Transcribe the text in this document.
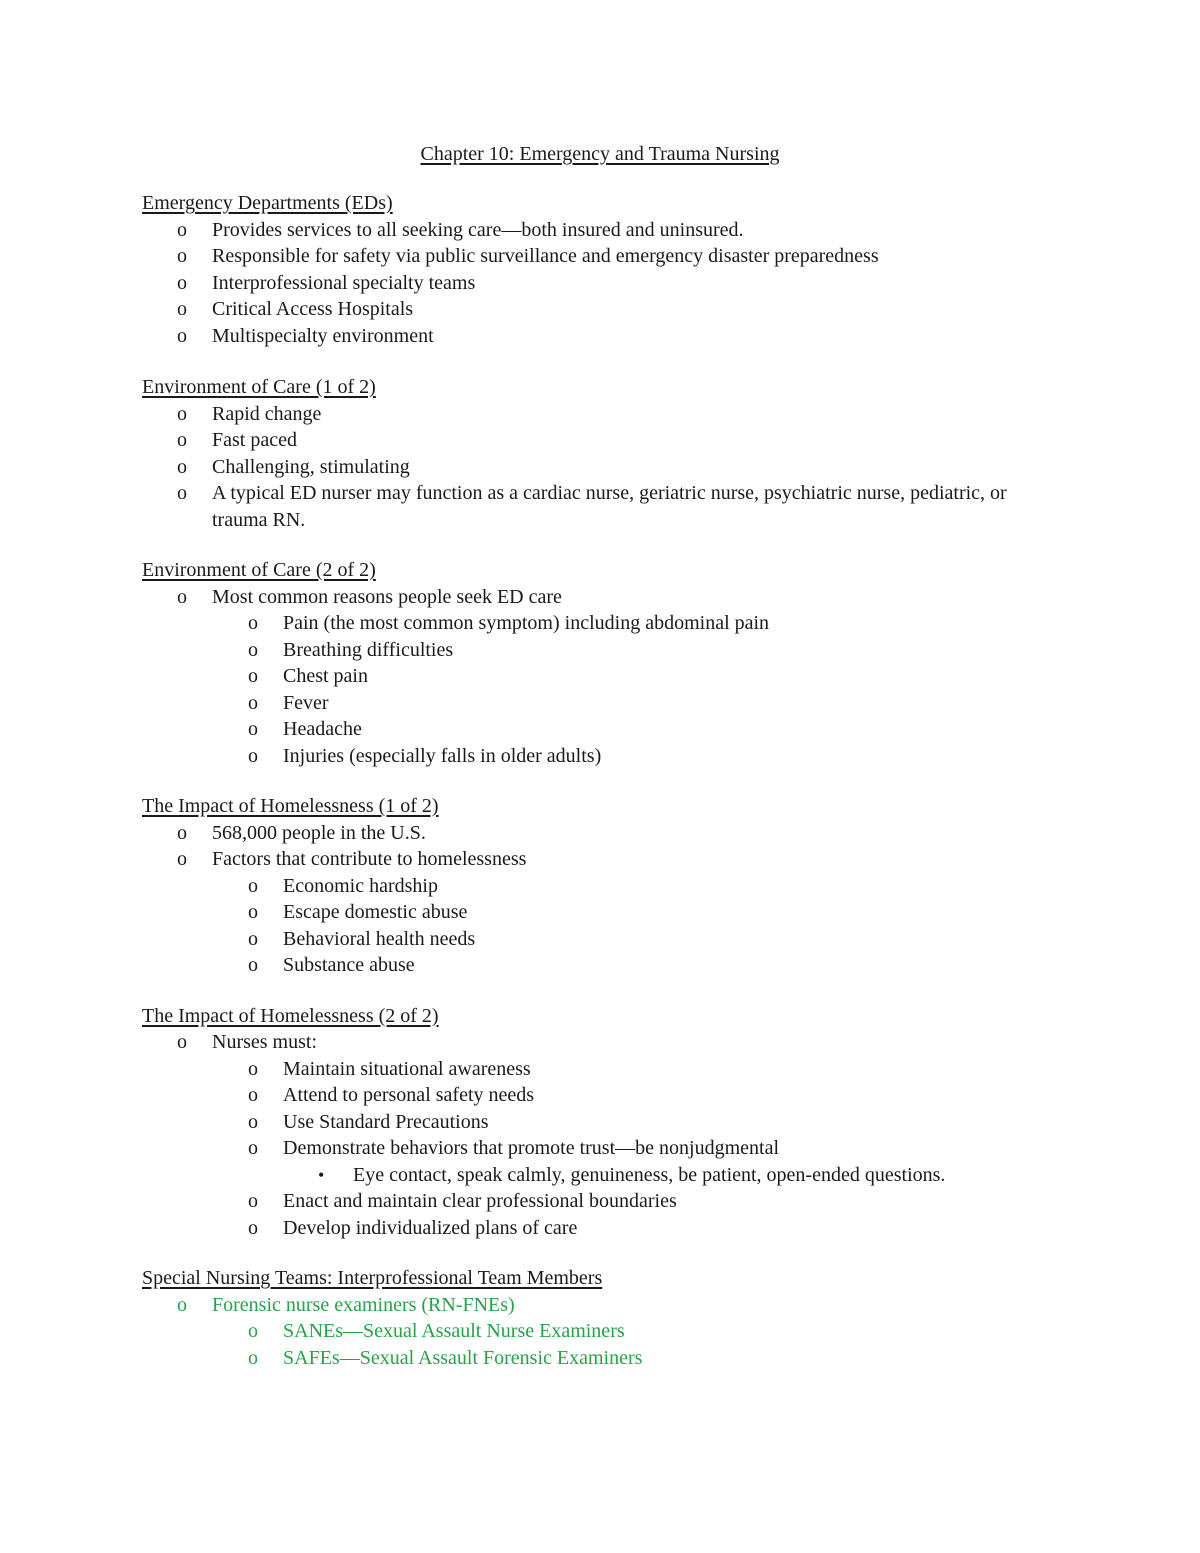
Chapter 10: Emergency and Trauma Nursing
Emergency Departments (EDs)
o Provides services to all seeking care—both insured and uninsured.
o Responsible for safety via public surveillance and emergency disaster preparedness
o Interprofessional specialty teams
o Critical Access Hospitals
o Multispecialty environment
Environment of Care (1 of 2)
o Rapid change
o Fast paced
o Challenging, stimulating
o A typical ED nurser may function as a cardiac nurse, geriatric nurse, psychiatric nurse, pediatric, or trauma RN.
Environment of Care (2 of 2)
o Most common reasons people seek ED care
o Pain (the most common symptom) including abdominal pain
o Breathing difficulties
o Chest pain
o Fever
o Headache
o Injuries (especially falls in older adults)
The Impact of Homelessness (1 of 2)
o 568,000 people in the U.S.
o Factors that contribute to homelessness
o Economic hardship
o Escape domestic abuse
o Behavioral health needs
o Substance abuse
The Impact of Homelessness (2 of 2)
o Nurses must:
o Maintain situational awareness
o Attend to personal safety needs
o Use Standard Precautions
o Demonstrate behaviors that promote trust—be nonjudgmental
• Eye contact, speak calmly, genuineness, be patient, open-ended questions.
o Enact and maintain clear professional boundaries
o Develop individualized plans of care
Special Nursing Teams: Interprofessional Team Members
o Forensic nurse examiners (RN-FNEs)
o SANEs—Sexual Assault Nurse Examiners
o SAFEs—Sexual Assault Forensic Examiners
